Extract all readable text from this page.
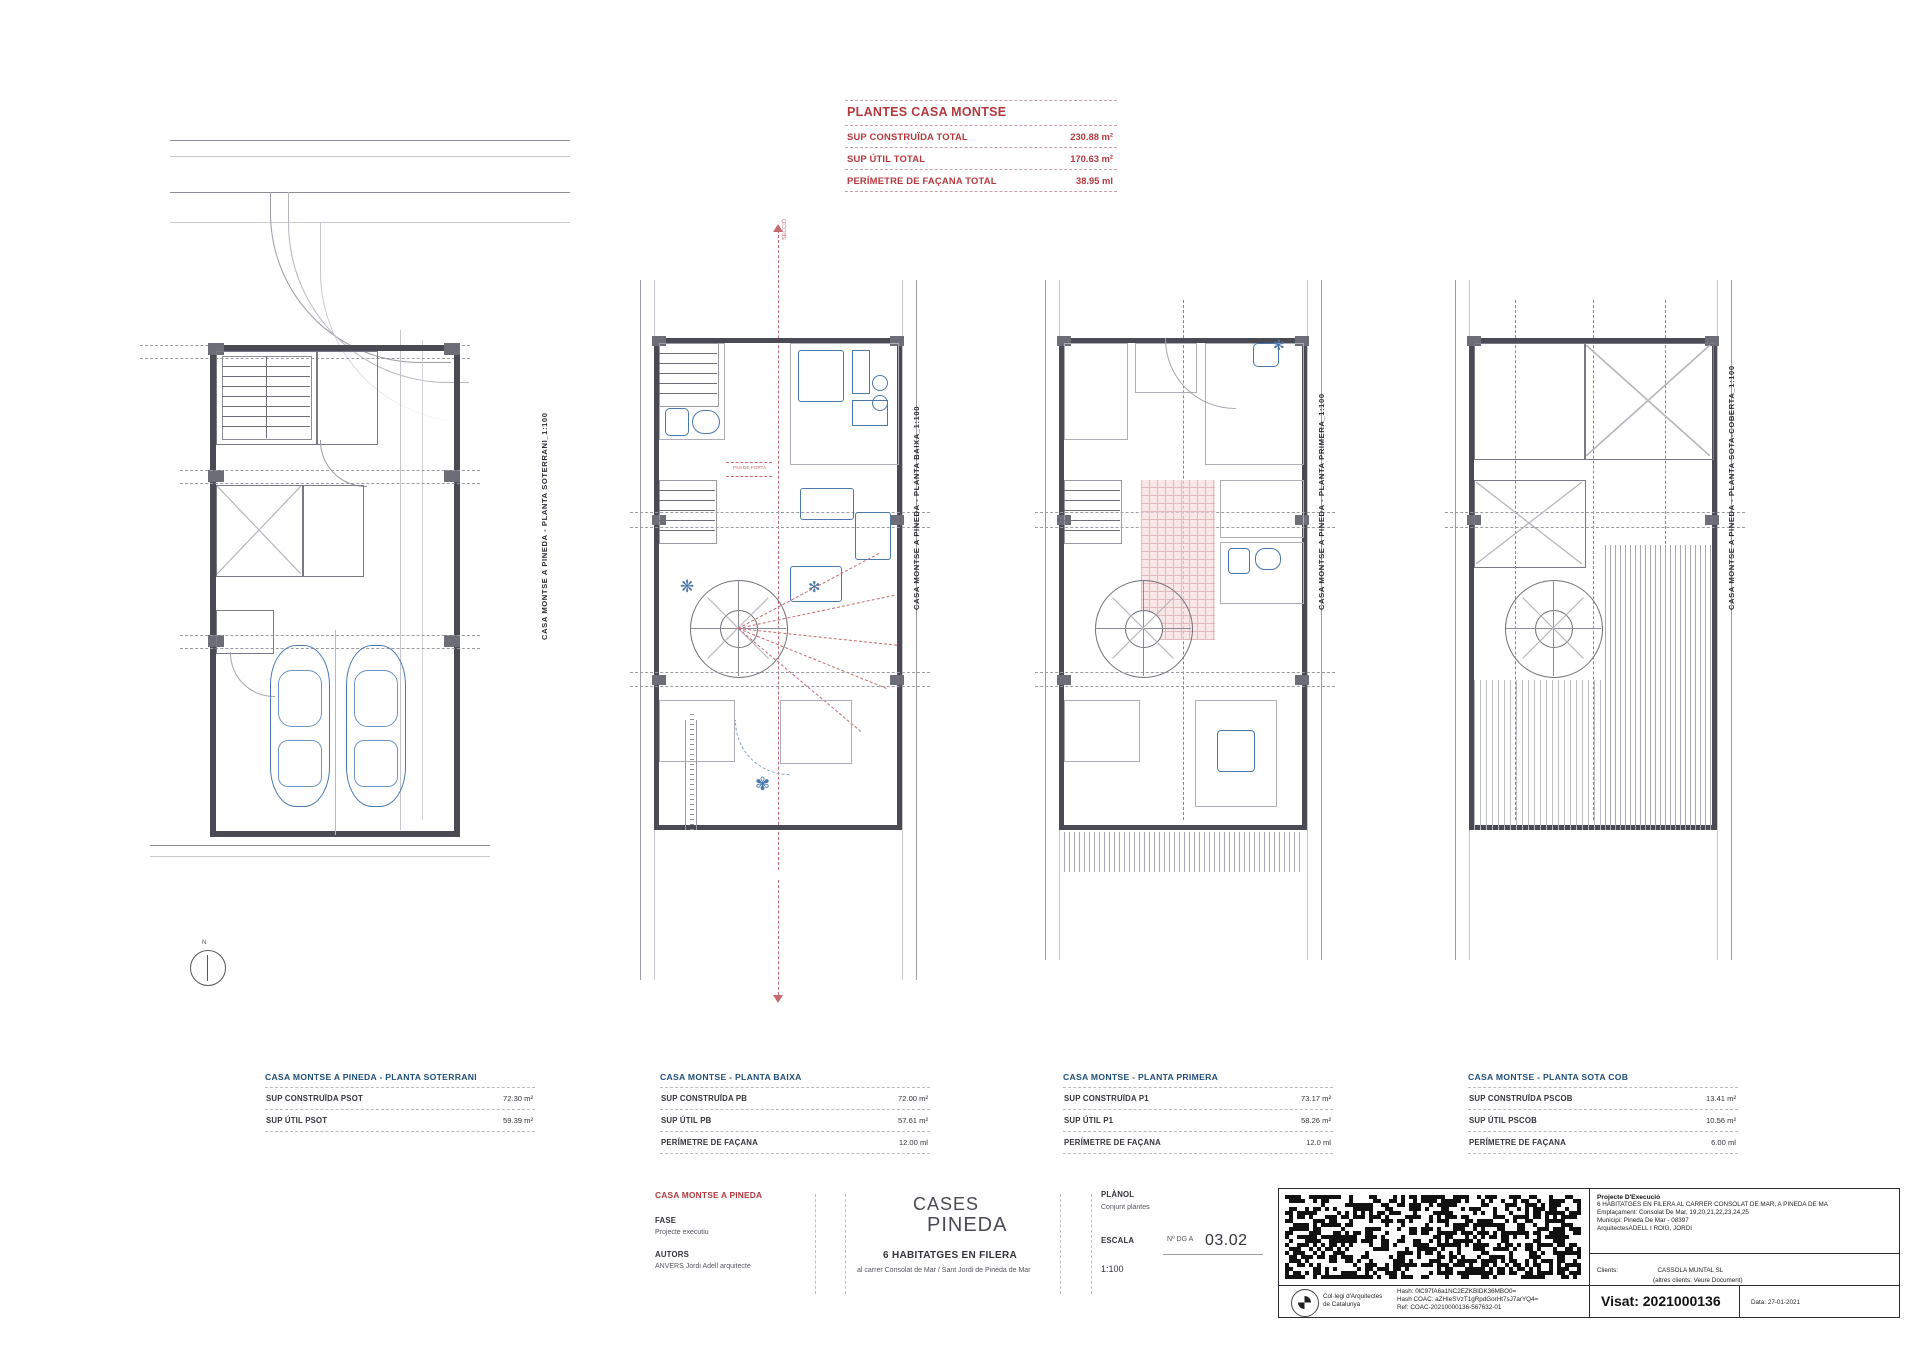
PLANTES CASA MONTSE
SUP CONSTRUÏDA TOTAL	230.88 m²
SUP ÚTIL TOTAL	170.63 m²
PERÍMETRE DE FAÇANA TOTAL	38.95 ml
CASA MONTSE A PINEDA - PLANTA SOTERRANI_1:100
N
SECCIÓ
PAS DE PORTA
❋	✻
✾
CASA MONTSE A PINEDA - PLANTA BAIXA_1:100
✻
CASA MONTSE A PINEDA - PLANTA PRIMERA_1:100	CASA MONTSE A PINEDA - PLANTA SOTA-COBERTA_1:100
CASA MONTSE A PINEDA - PLANTA SOTERRANI
SUP CONSTRUÏDA PSOT	72.30 m²
SUP ÚTIL PSOT	59.39 m²
CASA MONTSE - PLANTA BAIXA
SUP CONSTRUÏDA PB	72.00 m²
SUP ÚTIL PB	57.61 m²
PERÍMETRE DE FAÇANA	12.00 ml
CASA MONTSE - PLANTA PRIMERA
SUP CONSTRUÏDA P1	73.17 m²
SUP ÚTIL P1	58.26 m²
PERÍMETRE DE FAÇANA	12.0 ml
CASA MONTSE - PLANTA SOTA COB
SUP CONSTRUÏDA PSCOB	13.41 m²
SUP ÚTIL PSCOB	10.56 m²
PERÍMETRE DE FAÇANA	6.00 ml
CASA MONTSE A PINEDA
FASE
Projecte executiu
AUTORS
ANVERS Jordi Adell arquitecte
CASES
PINEDA
6 HABITATGES EN FILERA
al carrer Consolat de Mar / Sant Jordi de Pineda de Mar
PLÀNOL
Conjunt plantes
ESCALA
1:100
Nº DG A 03.02
Col·legi d'Arquitectes
de Catalunya
Hash: 0lC97fA6a1NC2EZKBIDK36MBO0=
Hash COAC: aZHIeSVzT1gRpdGorHt7sJ7arYQ4=
Ref: COAC-20210000136-567632-01	Visat: 2021000136	Data: 27-01-2021
Projecte D'Execució
6 HABITATGES EN FILERA AL CARRER CONSOLAT DE MAR, A PINEDA DE MA
Emplaçament: Consolat De Mar, 19,20,21,22,23,24,25
Municipi: Pineda De Mar - 08397
ArquitectesADELL I ROIG, JORDI
Clients:	CASSOLA MUNTAL SL
(altres clients: Veure Document)
